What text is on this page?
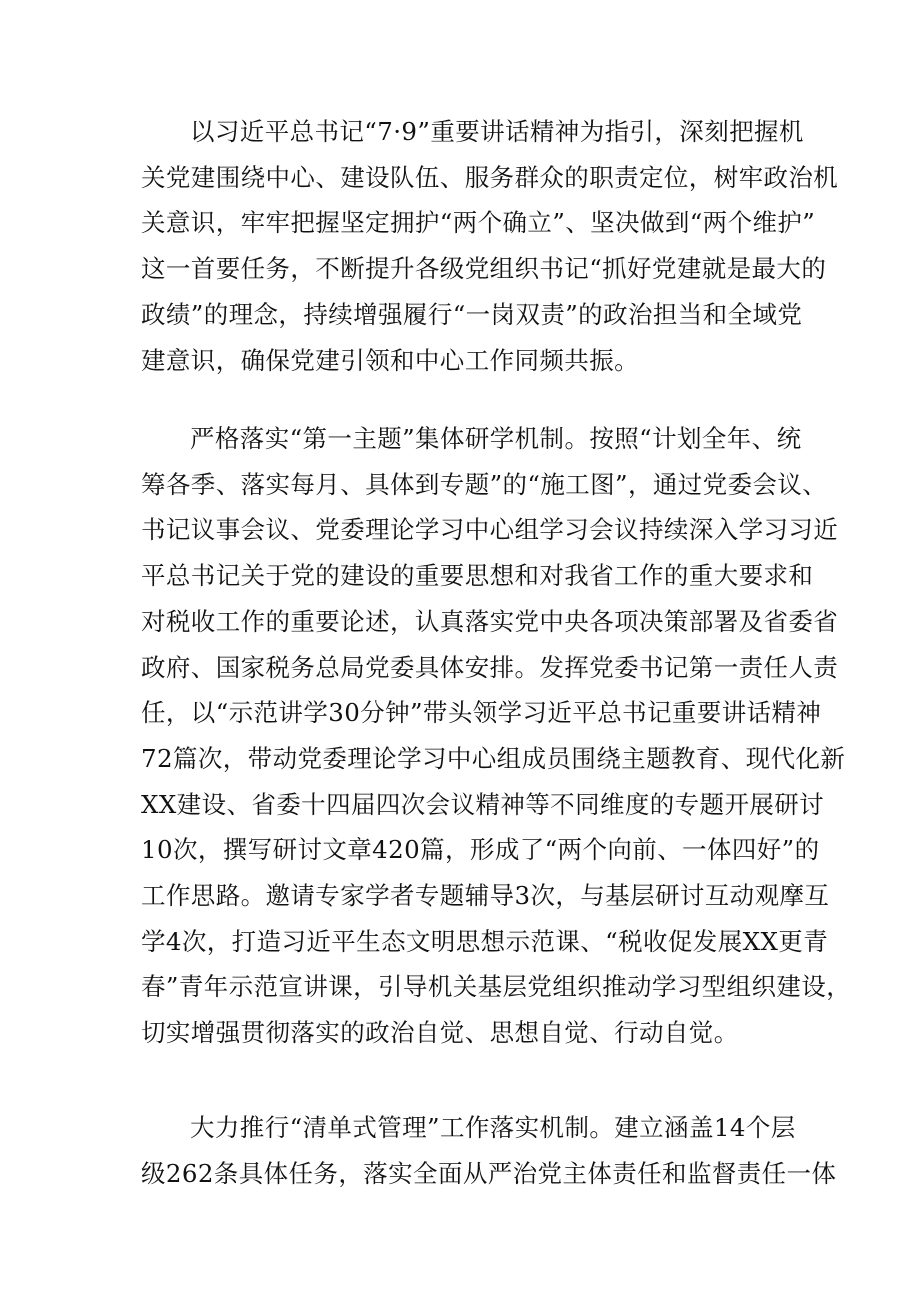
以习近平总书记“7·9”重要讲话精神为指引，深刻把握机
关党建围绕中心、建设队伍、服务群众的职责定位，树牢政治机
关意识，牢牢把握坚定拥护“两个确立”、坚决做到“两个维护”
这一首要任务，不断提升各级党组织书记“抓好党建就是最大的
政绩”的理念，持续增强履行“一岗双责”的政治担当和全域党
建意识，确保党建引领和中心工作同频共振。
严格落实“第一主题”集体研学机制。按照“计划全年、统
筹各季、落实每月、具体到专题”的“施工图”，通过党委会议、
书记议事会议、党委理论学习中心组学习会议持续深入学习习近
平总书记关于党的建设的重要思想和对我省工作的重大要求和
对税收工作的重要论述，认真落实党中央各项决策部署及省委省
政府、国家税务总局党委具体安排。发挥党委书记第一责任人责
任，以“示范讲学30分钟”带头领学习近平总书记重要讲话精神
72篇次，带动党委理论学习中心组成员围绕主题教育、现代化新
XX建设、省委十四届四次会议精神等不同维度的专题开展研讨
10次，撰写研讨文章420篇，形成了“两个向前、一体四好”的
工作思路。邀请专家学者专题辅导3次，与基层研讨互动观摩互
学4次，打造习近平生态文明思想示范课、“税收促发展XX更青
春”青年示范宣讲课，引导机关基层党组织推动学习型组织建设，
切实增强贯彻落实的政治自觉、思想自觉、行动自觉。
大力推行“清单式管理”工作落实机制。建立涵盖14个层
级262条具体任务，落实全面从严治党主体责任和监督责任一体
